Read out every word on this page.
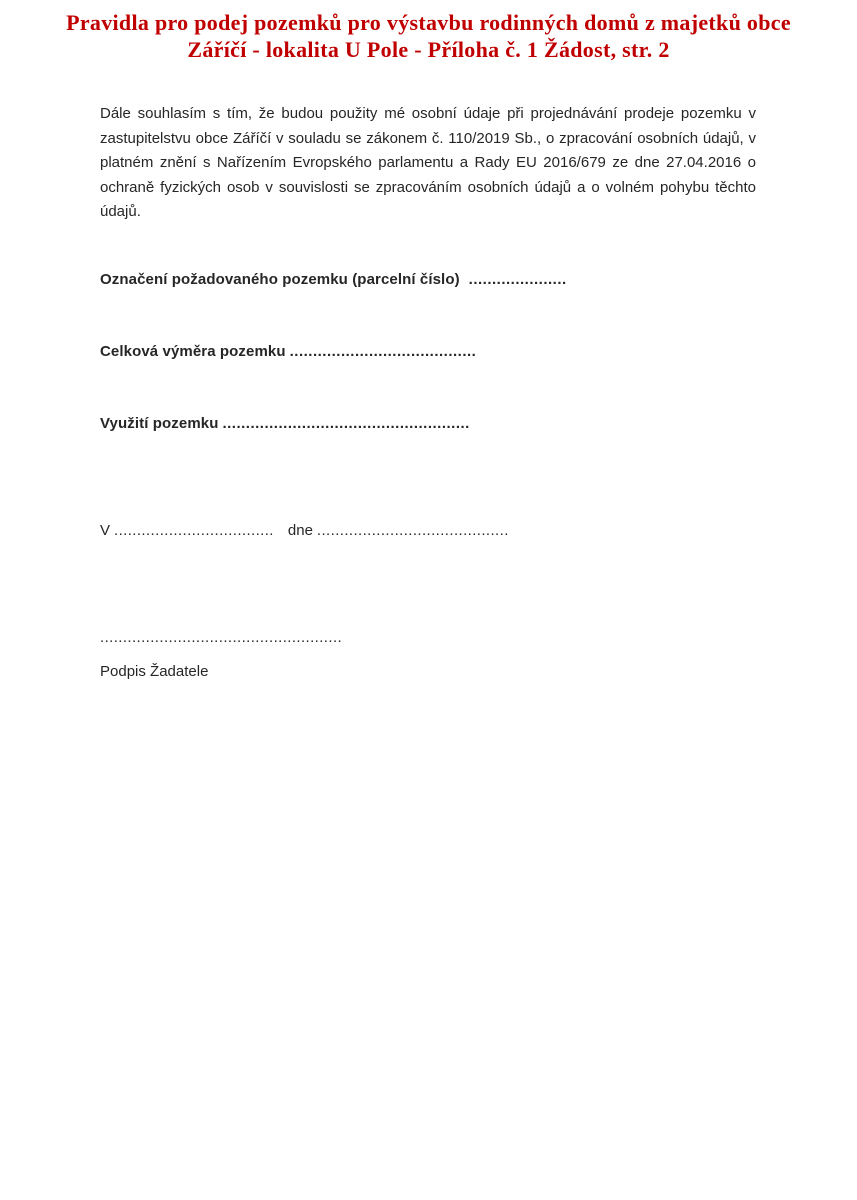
Pravidla pro podej pozemků pro výstavbu rodinných domů z majetků obce
Záříčí - lokalita U Pole - Příloha č. 1 Žádost, str. 2
Dále souhlasím s tím, že budou použity mé osobní údaje při projednávání prodeje pozemku v zastupitelstvu obce Záříčí v souladu se zákonem č. 110/2019 Sb., o zpracování osobních údajů, v platném znění s Nařízením Evropského parlamentu a Rady EU 2016/679 ze dne 27.04.2016 o ochraně fyzických osob v souvislosti se zpracováním osobních údajů a o volném pohybu těchto údajů.
Označení požadovaného pozemku (parcelní číslo) .....................
Celková výměra pozemku ........................................
Využití pozemku .....................................................
V ................................... dne ..........................................
.....................................................
Podpis Žadatele
